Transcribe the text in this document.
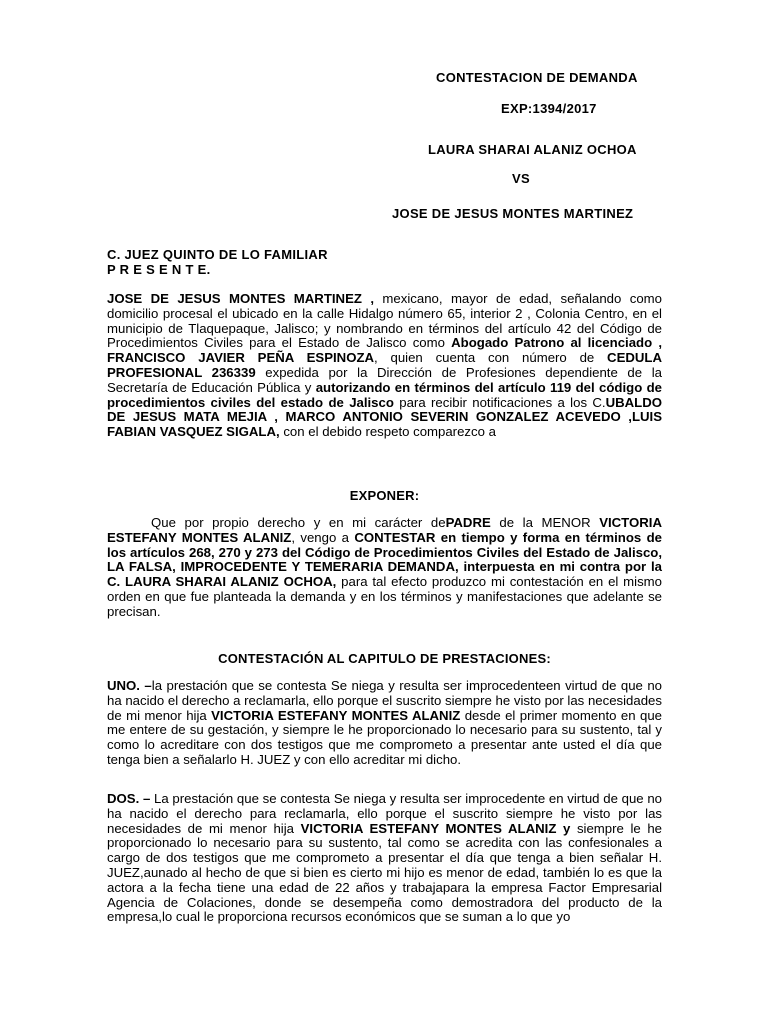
CONTESTACION DE DEMANDA
EXP:1394/2017
LAURA SHARAI ALANIZ OCHOA
VS
JOSE DE JESUS MONTES MARTINEZ
C. JUEZ QUINTO DE LO FAMILIAR
P R E S E N T E.
JOSE DE JESUS MONTES MARTINEZ , mexicano, mayor de edad, señalando como domicilio procesal el ubicado en la calle Hidalgo número 65, interior 2 , Colonia Centro, en el municipio de Tlaquepaque, Jalisco; y nombrando en términos del artículo 42 del Código de Procedimientos Civiles para el Estado de Jalisco como Abogado Patrono al licenciado , FRANCISCO JAVIER PEÑA ESPINOZA, quien cuenta con número de CEDULA PROFESIONAL 236339 expedida por la Dirección de Profesiones dependiente de la Secretaría de Educación Pública y autorizando en términos del artículo 119 del código de procedimientos civiles del estado de Jalisco para recibir notificaciones a los C.UBALDO DE JESUS MATA MEJIA , MARCO ANTONIO SEVERIN GONZALEZ ACEVEDO ,LUIS FABIAN VASQUEZ SIGALA, con el debido respeto comparezco a
EXPONER:
Que por propio derecho y en mi carácter dePADRE de la MENOR VICTORIA ESTEFANY MONTES ALANIZ, vengo a CONTESTAR en tiempo y forma en términos de los artículos 268, 270 y 273 del Código de Procedimientos Civiles del Estado de Jalisco, LA FALSA, IMPROCEDENTE Y TEMERARIA DEMANDA, interpuesta en mi contra por la C. LAURA SHARAI ALANIZ OCHOA, para tal efecto produzco mi contestación en el mismo orden en que fue planteada la demanda y en los términos y manifestaciones que adelante se precisan.
CONTESTACIÓN AL CAPITULO DE PRESTACIONES:
UNO. –la prestación que se contesta Se niega y resulta ser improcedenteen virtud de que no ha nacido el derecho a reclamarla, ello porque el suscrito siempre he visto por las necesidades de mi menor hija VICTORIA ESTEFANY MONTES ALANIZ desde el primer momento en que me entere de su gestación, y siempre le he proporcionado lo necesario para su sustento, tal y como lo acreditare con dos testigos que me comprometo a presentar ante usted el día que tenga bien a señalarlo H. JUEZ y con ello acreditar mi dicho.
DOS. – La prestación que se contesta Se niega y resulta ser improcedente en virtud de que no ha nacido el derecho para reclamarla, ello porque el suscrito siempre he visto por las necesidades de mi menor hija VICTORIA ESTEFANY MONTES ALANIZ y siempre le he proporcionado lo necesario para su sustento, tal como se acredita con las confesionales a cargo de dos testigos que me comprometo a presentar el día que tenga a bien señalar H. JUEZ,aunado al hecho de que si bien es cierto mi hijo es menor de edad, también lo es que la actora a la fecha tiene una edad de 22 años y trabajapara la empresa Factor Empresarial Agencia de Colaciones, donde se desempeña como demostradora del producto de la empresa,lo cual le proporciona recursos económicos que se suman a lo que yo
